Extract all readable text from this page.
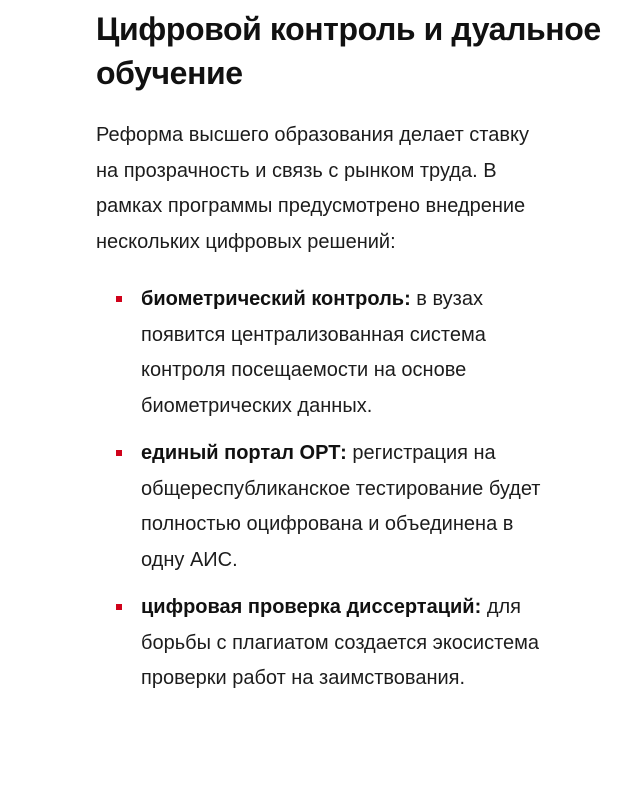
Цифровой контроль и дуальное обучение

Реформа высшего образования делает ставку на прозрачность и связь с рынком труда. В рамках программы предусмотрено внедрение нескольких цифровых решений:

биометрический контроль: в вузах появится централизованная система контроля посещаемости на основе биометрических данных.
единый портал ОРТ: регистрация на общереспубликанское тестирование будет полностью оцифрована и объединена в одну АИС.
цифровая проверка диссертаций: для борьбы с плагиатом создается экосистема проверки работ на заимствования.
